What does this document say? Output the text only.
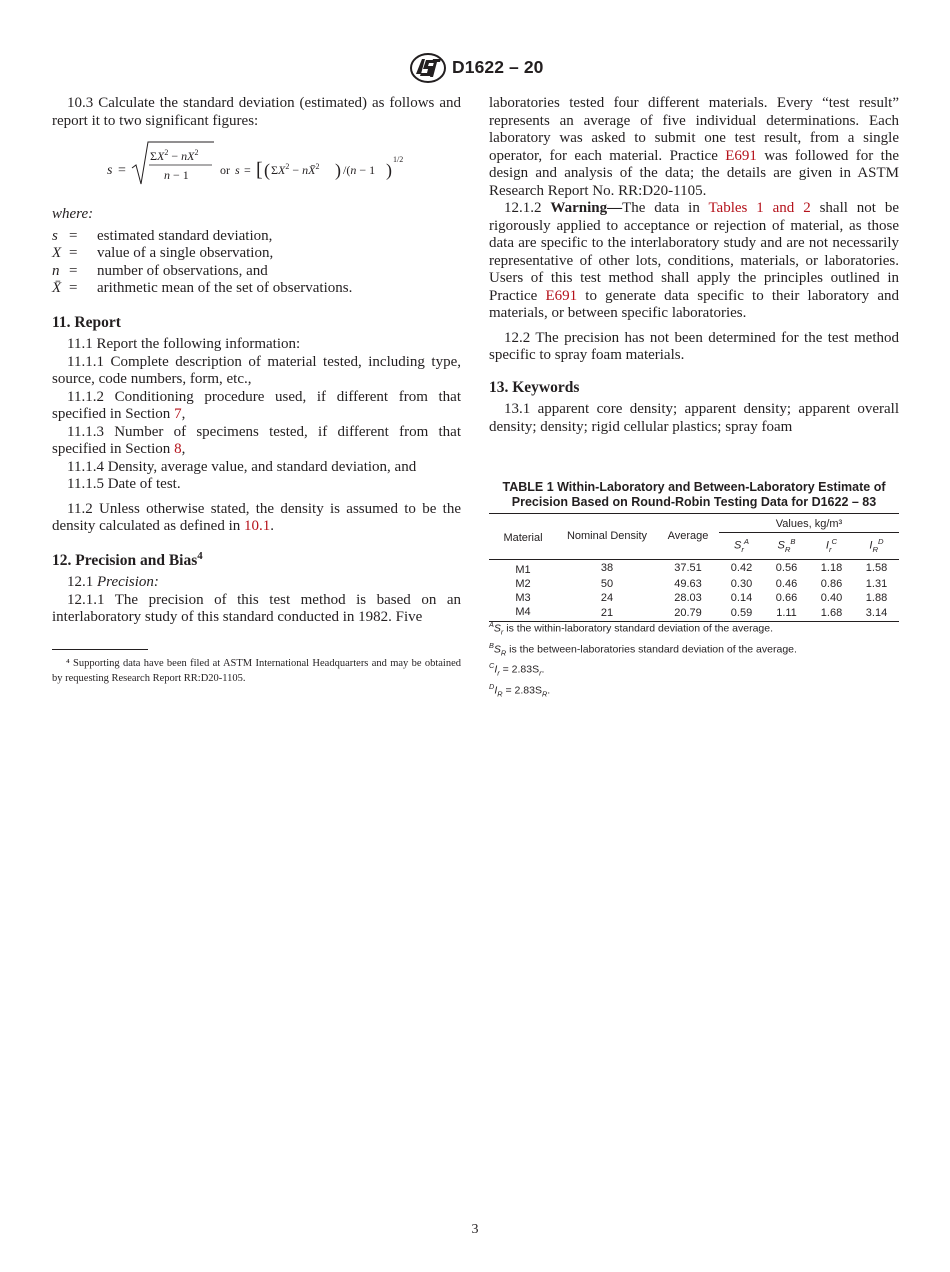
D1622 – 20

10.3 Calculate the standard deviation (estimated) as follows and report it to two significant figures:

s =
$\Sigma X^2 - nX^2$
n − 1	or s = [ ( $\Sigma X^2$ − nX̄$^2$ ) /(n − 1 )
1/2

where:

s =	estimated standard deviation,
X =	value of a single observation,
n =	number of observations, and
X̄ =	arithmetic mean of the set of observations.

11. Report

11.1 Report the following information:

11.1.1 Complete description of material tested, including type, source, code numbers, form, etc.,

11.1.2 Conditioning procedure used, if different from that specified in Section 7,

11.1.3 Number of specimens tested, if different from that specified in Section 8,

11.1.4 Density, average value, and standard deviation, and

11.1.5 Date of test.

11.2 Unless otherwise stated, the density is assumed to be the density calculated as defined in 10.1.

12. Precision and Bias$^4$

12.1 Precision:

12.1.1 The precision of this test method is based on an interlaboratory study of this standard conducted in 1982. Five

⁴ Supporting data have been filed at ASTM International Headquarters and may be obtained by requesting Research Report RR:D20-1105.

laboratories tested four different materials. Every “test result” represents an average of five individual determinations. Each laboratory was asked to submit one test result, from a single operator, for each material. Practice E691 was followed for the design and analysis of the data; the details are given in ASTM Research Report No. RR:D20-1105.

12.1.2 Warning—The data in Tables 1 and 2 shall not be rigorously applied to acceptance or rejection of material, as those data are specific to the interlaboratory study and are not necessarily representative of other lots, conditions, materials, or laboratories. Users of this test method shall apply the principles outlined in Practice E691 to generate data specific to their laboratory and materials, or between specific laboratories.

12.2 The precision has not been determined for the test method specific to spray foam materials.

13. Keywords

13.1 apparent core density; apparent density; apparent overall density; density; rigid cellular plastics; spray foam

TABLE 1 Within-Laboratory and Between-Laboratory Estimate of Precision Based on Round-Robin Testing Data for D1622 – 83
Material	Nominal Density	Average	Values, kg/m³			
			$S_r^A$	$S_R^B$	$I_r^C$	$I_R^D$
M1	38	37.51	0.42	0.56	1.18	1.58
M2	50	49.63	0.30	0.46	0.86	1.31
M3	24	28.03	0.14	0.66	0.40	1.88
M4	21	20.79	0.59	1.11	1.68	3.14
$^AS_r$ is the within-laboratory standard deviation of the average.
$^BS_R$ is the between-laboratories standard deviation of the average.
$^CI_r = 2.83S_r$.
$^DI_R = 2.83S_R$.
3
